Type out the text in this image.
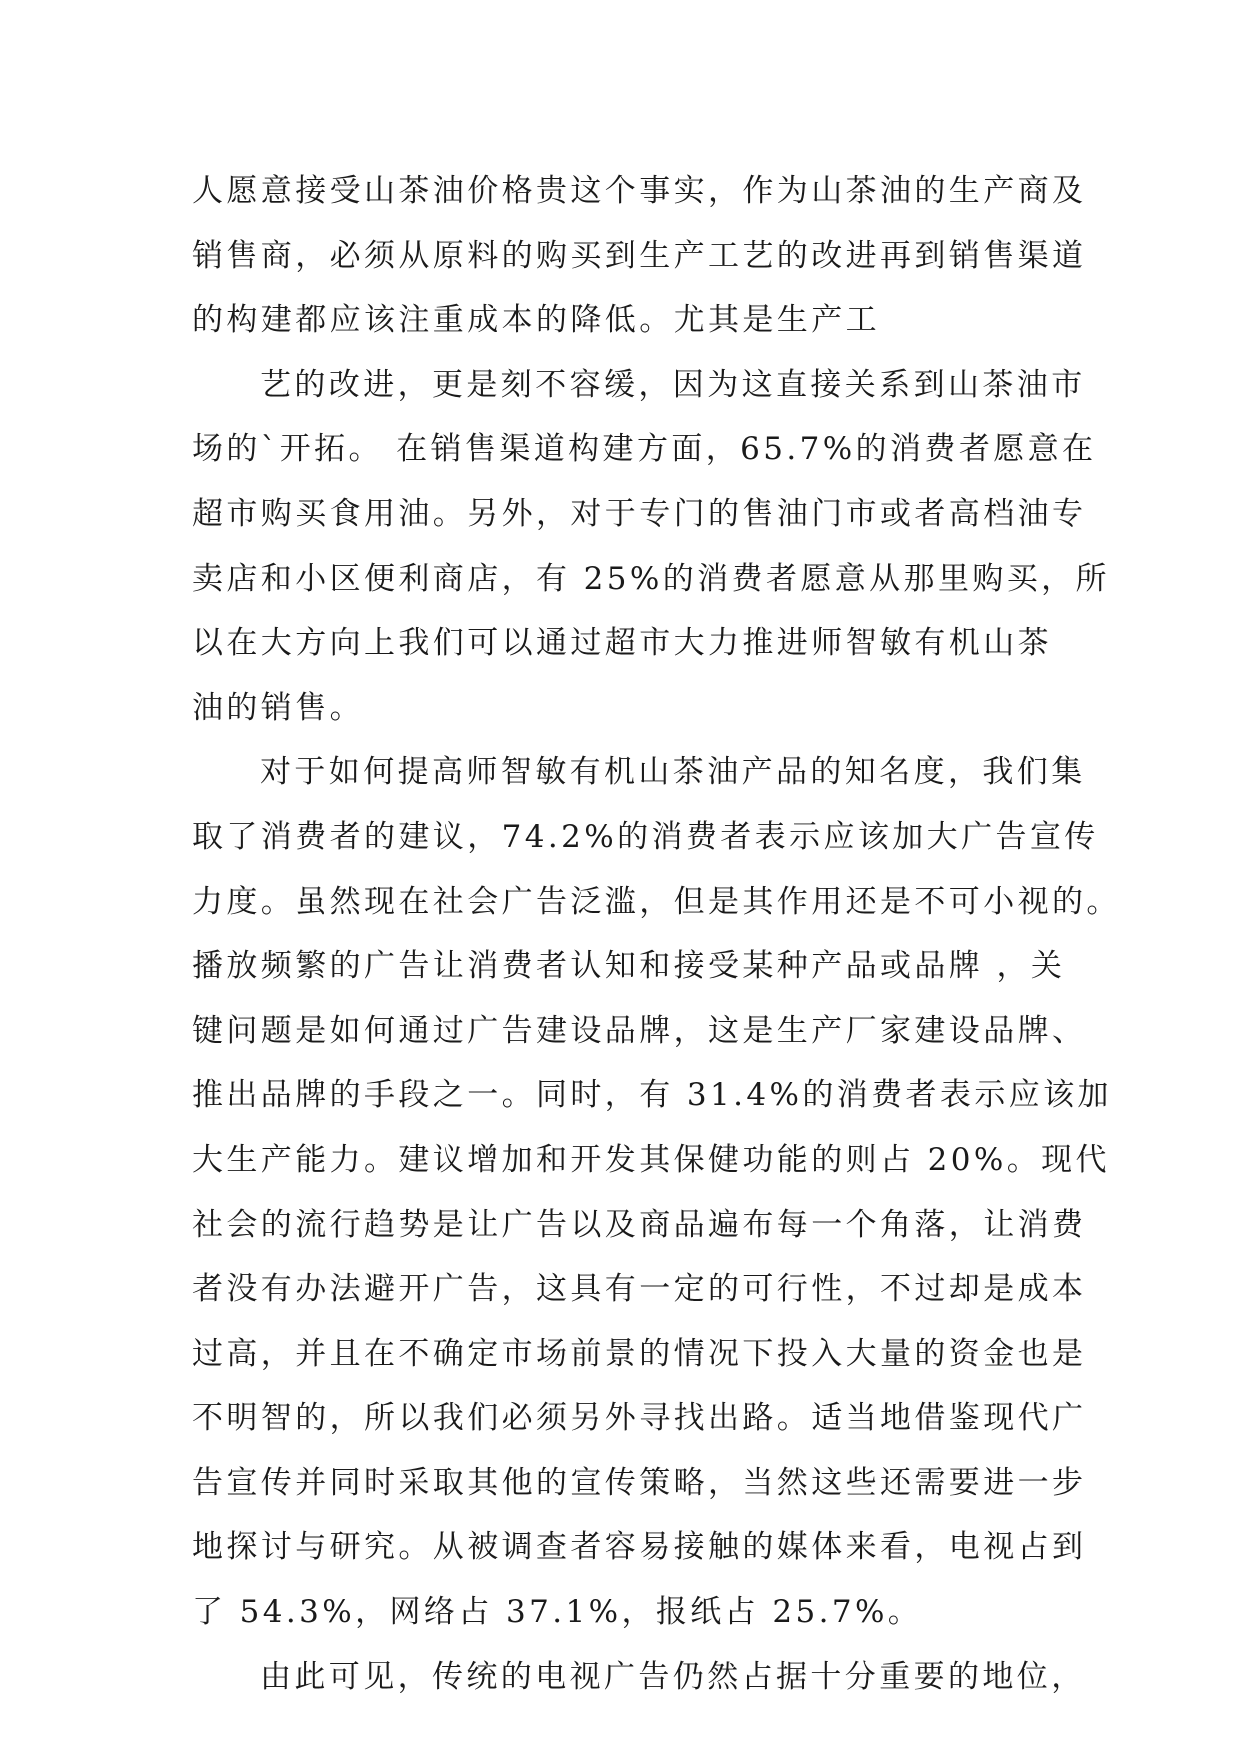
人愿意接受山茶油价格贵这个事实，作为山茶油的生产商及
销售商，必须从原料的购买到生产工艺的改进再到销售渠道
的构建都应该注重成本的降低。尤其是生产工
艺的改进，更是刻不容缓，因为这直接关系到山茶油市
场的`开拓。 在销售渠道构建方面，65.7%的消费者愿意在
超市购买食用油。另外，对于专门的售油门市或者高档油专
卖店和小区便利商店，有 25%的消费者愿意从那里购买，所
以在大方向上我们可以通过超市大力推进师智敏有机山茶
油的销售。
对于如何提高师智敏有机山茶油产品的知名度，我们集
取了消费者的建议，74.2%的消费者表示应该加大广告宣传
力度。虽然现在社会广告泛滥，但是其作用还是不可小视的。
播放频繁的广告让消费者认知和接受某种产品或品牌 ，关
键问题是如何通过广告建设品牌，这是生产厂家建设品牌、
推出品牌的手段之一。同时，有 31.4%的消费者表示应该加
大生产能力。建议增加和开发其保健功能的则占 20%。现代
社会的流行趋势是让广告以及商品遍布每一个角落，让消费
者没有办法避开广告，这具有一定的可行性，不过却是成本
过高，并且在不确定市场前景的情况下投入大量的资金也是
不明智的，所以我们必须另外寻找出路。适当地借鉴现代广
告宣传并同时采取其他的宣传策略，当然这些还需要进一步
地探讨与研究。从被调查者容易接触的媒体来看，电视占到
了 54.3%，网络占 37.1%，报纸占 25.7%。
由此可见，传统的电视广告仍然占据十分重要的地位，
